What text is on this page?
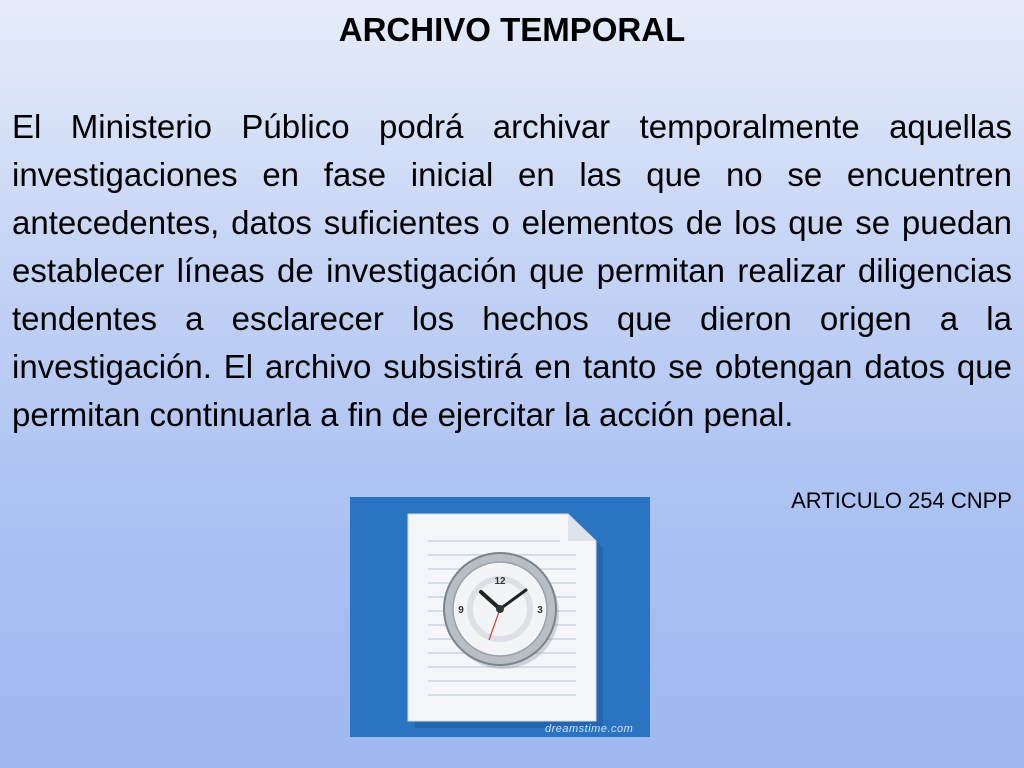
ARCHIVO TEMPORAL
El Ministerio Público podrá archivar temporalmente aquellas investigaciones en fase inicial en las que no se encuentren antecedentes, datos suficientes o elementos de los que se puedan establecer líneas de investigación que permitan realizar diligencias tendentes a esclarecer los hechos que dieron origen a la investigación. El archivo subsistirá en tanto se obtengan datos que permitan continuarla a fin de ejercitar la acción penal.
ARTICULO 254 CNPP
12
3
9
dreamstime.com
